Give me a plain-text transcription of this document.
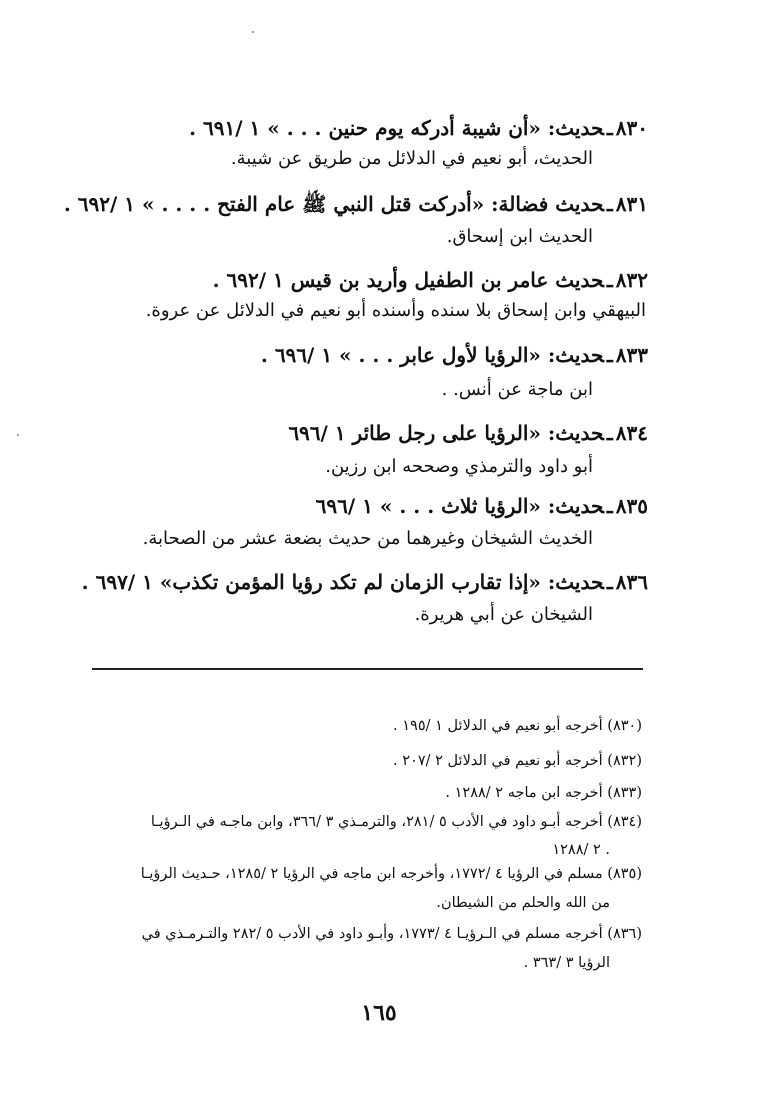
٨٣٠ـحديث: «أن شيبة أدركه يوم حنين . . . » ١ /٦٩١ .
الحديث، أبو نعيم في الدلائل من طريق عن شيبة.
٨٣١ـحديث فضالة: «أدركت قتل النبي ﷺ عام الفتح . . . . » ١ /٦٩٢ .
الحديث ابن إسحاق.
٨٣٢ـحديث عامر بن الطفيل وأريد بن قيس ١ /٦٩٢ .
البيهقي وابن إسحاق بلا سنده وأسنده أبو نعيم في الدلائل عن عروة.
٨٣٣ـحديث: «الرؤيا لأول عابر . . . » ١ /٦٩٦ .
ابن ماجة عن أنس. .
٨٣٤ـحديث: «الرؤيا على رجل طائر ١ /٦٩٦
أبو داود والترمذي وصححه ابن رزين.
٨٣٥ـحديث: «الرؤيا ثلاث . . . » ١ /٦٩٦
الخديث الشيخان وغيرهما من حديث بضعة عشر من الصحابة.
٨٣٦ـحديث: «إذا تقارب الزمان لم تكد رؤيا المؤمن تكذب» ١ /٦٩٧ .
الشيخان عن أبي هريرة.
(٨٣٠) أخرجه أبو نعيم في الدلائل ١ /١٩٥ .
(٨٣٢) أخرجه أبو نعيم في الدلائل ٢ /٢٠٧ .
(٨٣٣) أخرجه ابن ماجه ٢ /١٢٨٨ .
(٨٣٤) أخرجه أبـو داود في الأدب ٥ /٢٨١، والترمـذي ٣ /٣٦٦، وابن ماجـه في الـرؤيـا
٢ /١٢٨٨ .
(٨٣٥) مسلم في الرؤيا ٤ /١٧٧٢، وأخرجه ابن ماجه في الرؤيا ٢ /١٢٨٥، حـديث الرؤيـا
من الله والحلم من الشيطان.
(٨٣٦) أخرجه مسلم في الـرؤيـا ٤ /١٧٧٣، وأبـو داود في الأدب ٥ /٢٨٢ والتـرمـذي في
الرؤيا ٣ /٣٦٣ .
١٦٥
